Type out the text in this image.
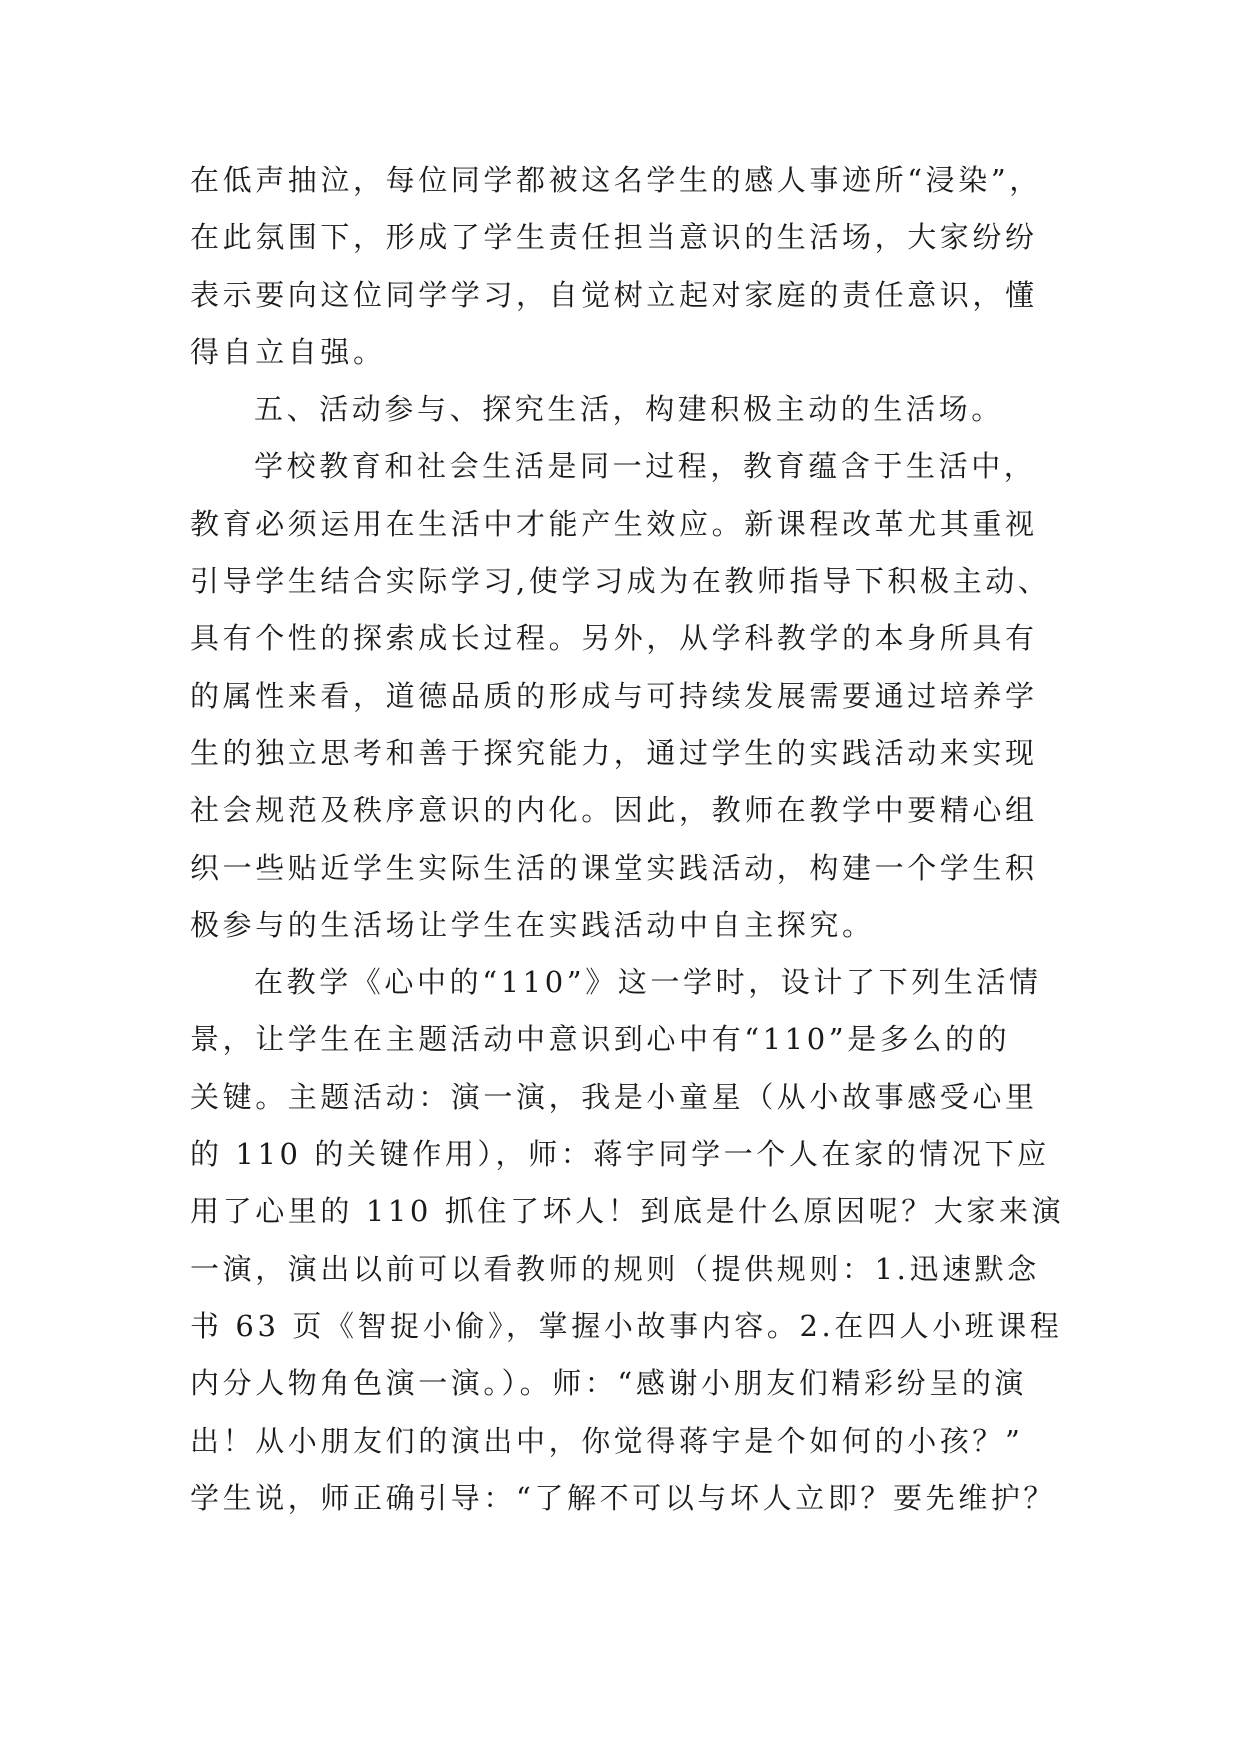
在低声抽泣，每位同学都被这名学生的感人事迹所“浸染”，
在此氛围下，形成了学生责任担当意识的生活场，大家纷纷
表示要向这位同学学习，自觉树立起对家庭的责任意识，懂
得自立自强。
五、活动参与、探究生活，构建积极主动的生活场。
学校教育和社会生活是同一过程，教育蕴含于生活中，
教育必须运用在生活中才能产生效应。新课程改革尤其重视
引导学生结合实际学习,使学习成为在教师指导下积极主动、
具有个性的探索成长过程。另外，从学科教学的本身所具有
的属性来看，道德品质的形成与可持续发展需要通过培养学
生的独立思考和善于探究能力，通过学生的实践活动来实现
社会规范及秩序意识的内化。因此，教师在教学中要精心组
织一些贴近学生实际生活的课堂实践活动，构建一个学生积
极参与的生活场让学生在实践活动中自主探究。
在教学《心中的“110”》这一学时，设计了下列生活情
景，让学生在主题活动中意识到心中有“110”是多么的的
关键。主题活动：演一演，我是小童星（从小故事感受心里
的 110 的关键作用），师：蒋宇同学一个人在家的情况下应
用了心里的 110 抓住了坏人！到底是什么原因呢？大家来演
一演，演出以前可以看教师的规则（提供规则：1.迅速默念
书 63 页《智捉小偷》，掌握小故事内容。2.在四人小班课程
内分人物角色演一演。）。师：“感谢小朋友们精彩纷呈的演
出！从小朋友们的演出中，你觉得蒋宇是个如何的小孩？”
学生说，师正确引导：“了解不可以与坏人立即？要先维护？
